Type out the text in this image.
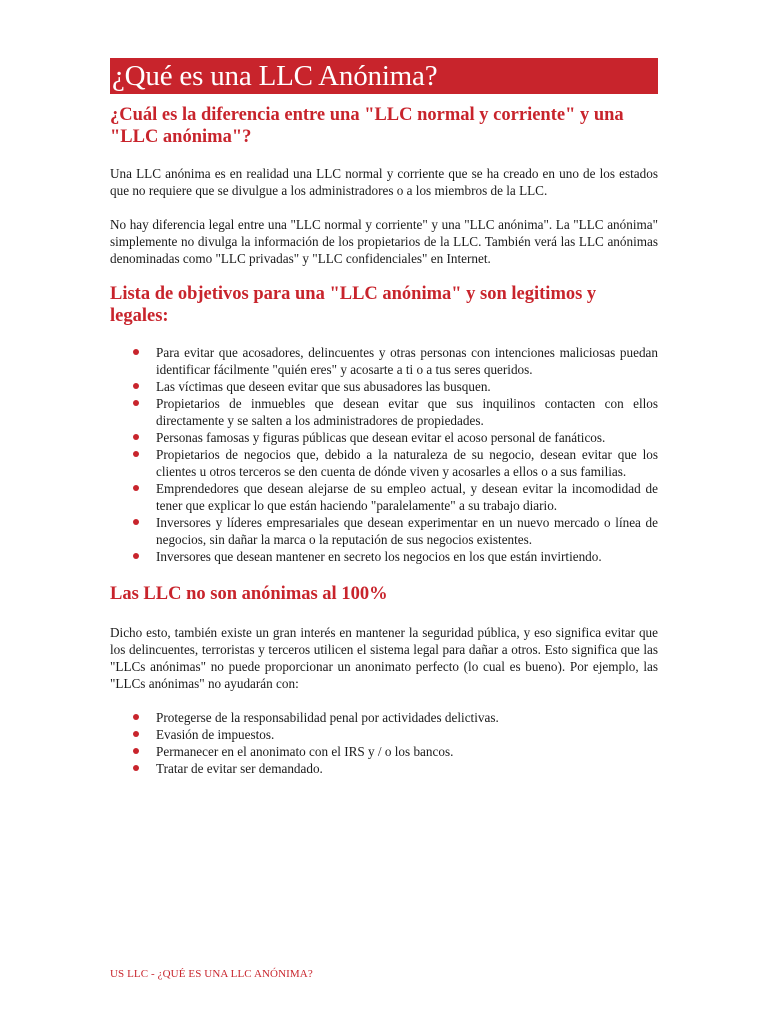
¿Qué es una LLC Anónima?
¿Cuál es la diferencia entre una "LLC normal y corriente" y una "LLC anónima"?

Una LLC anónima es en realidad una LLC normal y corriente que se ha creado en uno de los estados que no requiere que se divulgue a los administradores o a los miembros de la LLC.

No hay diferencia legal entre una "LLC normal y corriente" y una "LLC anónima". La "LLC anónima" simplemente no divulga la información de los propietarios de la LLC. También verá las LLC anónimas denominadas como "LLC privadas" y "LLC confidenciales" en Internet.

Lista de objetivos para una "LLC anónima" y son legitimos y legales:
Para evitar que acosadores, delincuentes y otras personas con intenciones maliciosas puedan identificar fácilmente "quién eres" y acosarte a ti o a tus seres queridos.
Las víctimas que deseen evitar que sus abusadores las busquen.
Propietarios de inmuebles que desean evitar que sus inquilinos contacten con ellos directamente y se salten a los administradores de propiedades.
Personas famosas y figuras públicas que desean evitar el acoso personal de fanáticos.
Propietarios de negocios que, debido a la naturaleza de su negocio, desean evitar que los clientes u otros terceros se den cuenta de dónde viven y acosarles a ellos o a sus familias.
Emprendedores que desean alejarse de su empleo actual, y desean evitar la incomodidad de tener que explicar lo que están haciendo "paralelamente" a su trabajo diario.
Inversores y líderes empresariales que desean experimentar en un nuevo mercado o línea de negocios, sin dañar la marca o la reputación de sus negocios existentes.
Inversores que desean mantener en secreto los negocios en los que están invirtiendo.
Las LLC no son anónimas al 100%

Dicho esto, también existe un gran interés en mantener la seguridad pública, y eso significa evitar que los delincuentes, terroristas y terceros utilicen el sistema legal para dañar a otros. Esto significa que las "LLCs anónimas" no puede proporcionar un anonimato perfecto (lo cual es bueno). Por ejemplo, las "LLCs anónimas" no ayudarán con:

Protegerse de la responsabilidad penal por actividades delictivas.
Evasión de impuestos.
Permanecer en el anonimato con el IRS y / o los bancos.
Tratar de evitar ser demandado.
US LLC - ¿QUÉ ES UNA LLC ANÓNIMA?
